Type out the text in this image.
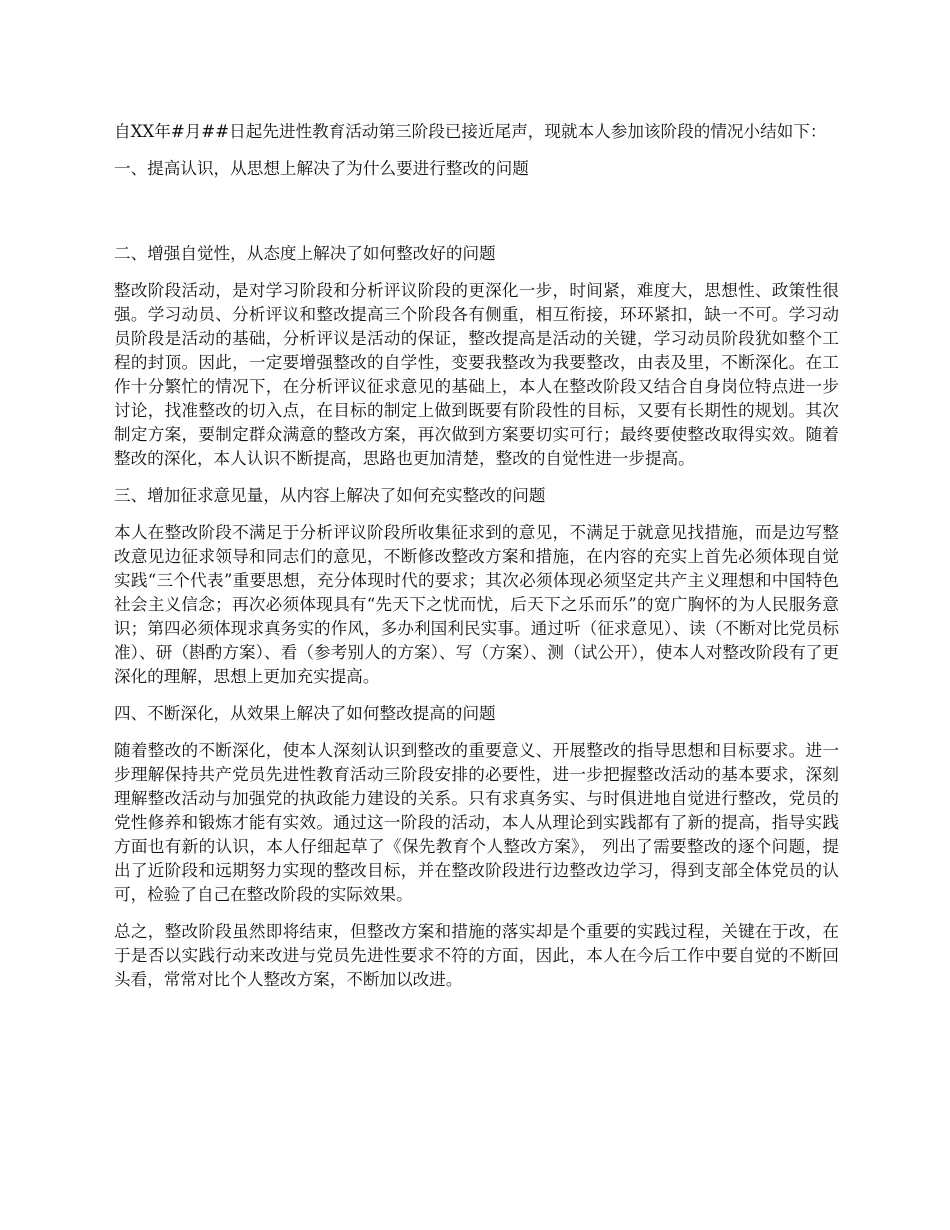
自XX年#月##日起先进性教育活动第三阶段已接近尾声，现就本人参加该阶段的情况小结如下：

一、提高认识，从思想上解决了为什么要进行整改的问题

二、增强自觉性，从态度上解决了如何整改好的问题

整改阶段活动，是对学习阶段和分析评议阶段的更深化一步，时间紧，难度大，思想性、政策性很强。学习动员、分析评议和整改提高三个阶段各有侧重，相互衔接，环环紧扣，缺一不可。学习动员阶段是活动的基础，分析评议是活动的保证，整改提高是活动的关键，学习动员阶段犹如整个工程的封顶。因此，一定要增强整改的自学性，变要我整改为我要整改，由表及里，不断深化。在工作十分繁忙的情况下，在分析评议征求意见的基础上，本人在整改阶段又结合自身岗位特点进一步讨论，找准整改的切入点，在目标的制定上做到既要有阶段性的目标，又要有长期性的规划。其次制定方案，要制定群众满意的整改方案，再次做到方案要切实可行；最终要使整改取得实效。随着整改的深化，本人认识不断提高，思路也更加清楚，整改的自觉性进一步提高。

三、增加征求意见量，从内容上解决了如何充实整改的问题

本人在整改阶段不满足于分析评议阶段所收集征求到的意见，不满足于就意见找措施，而是边写整改意见边征求领导和同志们的意见，不断修改整改方案和措施，在内容的充实上首先必须体现自觉实践“三个代表”重要思想，充分体现时代的要求；其次必须体现必须坚定共产主义理想和中国特色社会主义信念；再次必须体现具有“先天下之忧而忧，后天下之乐而乐”的宽广胸怀的为人民服务意识；第四必须体现求真务实的作风，多办利国利民实事。通过听（征求意见）、读（不断对比党员标准）、研（斟酌方案）、看（参考别人的方案）、写（方案）、测（试公开），使本人对整改阶段有了更深化的理解，思想上更加充实提高。

四、不断深化，从效果上解决了如何整改提高的问题

随着整改的不断深化，使本人深刻认识到整改的重要意义、开展整改的指导思想和目标要求。进一步理解保持共产党员先进性教育活动三阶段安排的必要性，进一步把握整改活动的基本要求，深刻理解整改活动与加强党的执政能力建设的关系。只有求真务实、与时俱进地自觉进行整改，党员的党性修养和锻炼才能有实效。通过这一阶段的活动，本人从理论到实践都有了新的提高，指导实践方面也有新的认识，本人仔细起草了《保先教育个人整改方案》， 列出了需要整改的逐个问题，提出了近阶段和远期努力实现的整改目标，并在整改阶段进行边整改边学习，得到支部全体党员的认可，检验了自己在整改阶段的实际效果。

总之，整改阶段虽然即将结束，但整改方案和措施的落实却是个重要的实践过程，关键在于改，在于是否以实践行动来改进与党员先进性要求不符的方面，因此，本人在今后工作中要自觉的不断回头看，常常对比个人整改方案，不断加以改进。
